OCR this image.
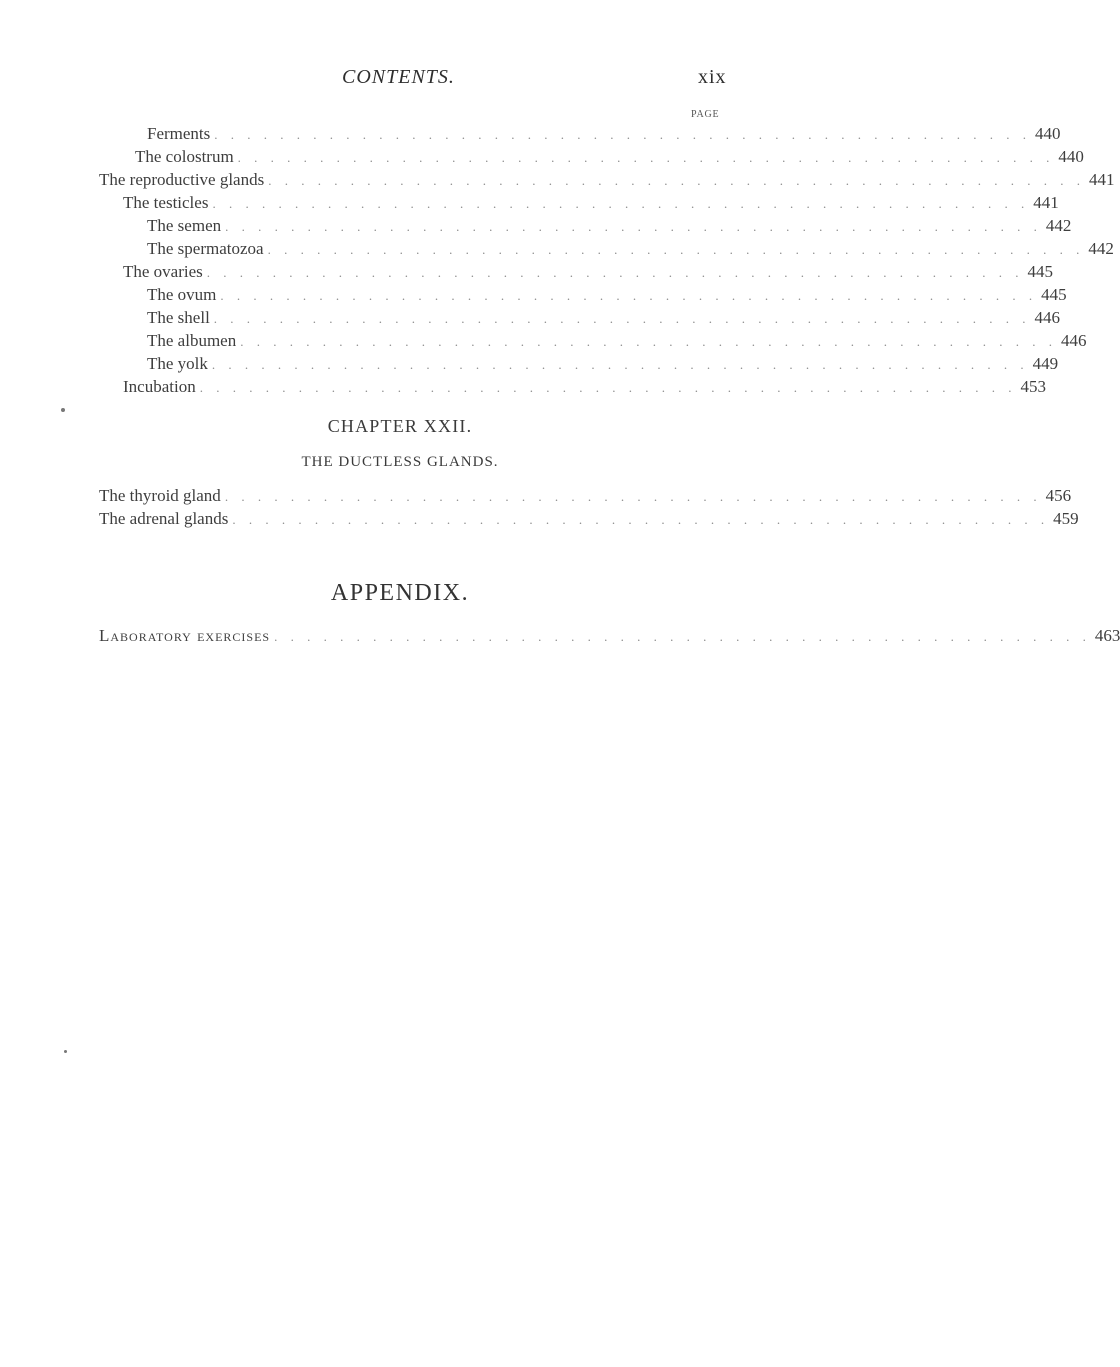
CONTENTS.	xix
PAGE
Ferments . . . . . . . . . . . . . . . . . . . . . . . . . . . . . . . . . . . . . . . . . . . . . . . . . . 440
The colostrum . . . . . . . . . . . . . . . . . . . . . . . . . . . . . . . . . . . . . . . . . . . . . . . . . . 440
The reproductive glands . . . . . . . . . . . . . . . . . . . . . . . . . . . . . . . . . . . . . . . . . . . . . . . . . . 441
The testicles . . . . . . . . . . . . . . . . . . . . . . . . . . . . . . . . . . . . . . . . . . . . . . . . . . 441
The semen . . . . . . . . . . . . . . . . . . . . . . . . . . . . . . . . . . . . . . . . . . . . . . . . . . 442
The spermatozoa . . . . . . . . . . . . . . . . . . . . . . . . . . . . . . . . . . . . . . . . . . . . . . . . . . 442
The ovaries . . . . . . . . . . . . . . . . . . . . . . . . . . . . . . . . . . . . . . . . . . . . . . . . . . 445
The ovum . . . . . . . . . . . . . . . . . . . . . . . . . . . . . . . . . . . . . . . . . . . . . . . . . . 445
The shell . . . . . . . . . . . . . . . . . . . . . . . . . . . . . . . . . . . . . . . . . . . . . . . . . . 446
The albumen . . . . . . . . . . . . . . . . . . . . . . . . . . . . . . . . . . . . . . . . . . . . . . . . . . 446
The yolk . . . . . . . . . . . . . . . . . . . . . . . . . . . . . . . . . . . . . . . . . . . . . . . . . . 449
Incubation . . . . . . . . . . . . . . . . . . . . . . . . . . . . . . . . . . . . . . . . . . . . . . . . . . 453
CHAPTER XXII.
THE DUCTLESS GLANDS.
The thyroid gland . . . . . . . . . . . . . . . . . . . . . . . . . . . . . . . . . . . . . . . . . . . . . . . . . . 456
The adrenal glands . . . . . . . . . . . . . . . . . . . . . . . . . . . . . . . . . . . . . . . . . . . . . . . . . . 459
APPENDIX.
Laboratory exercises . . . . . . . . . . . . . . . . . . . . . . . . . . . . . . . . . . . . . . . . . . . . . . . . . . 463
